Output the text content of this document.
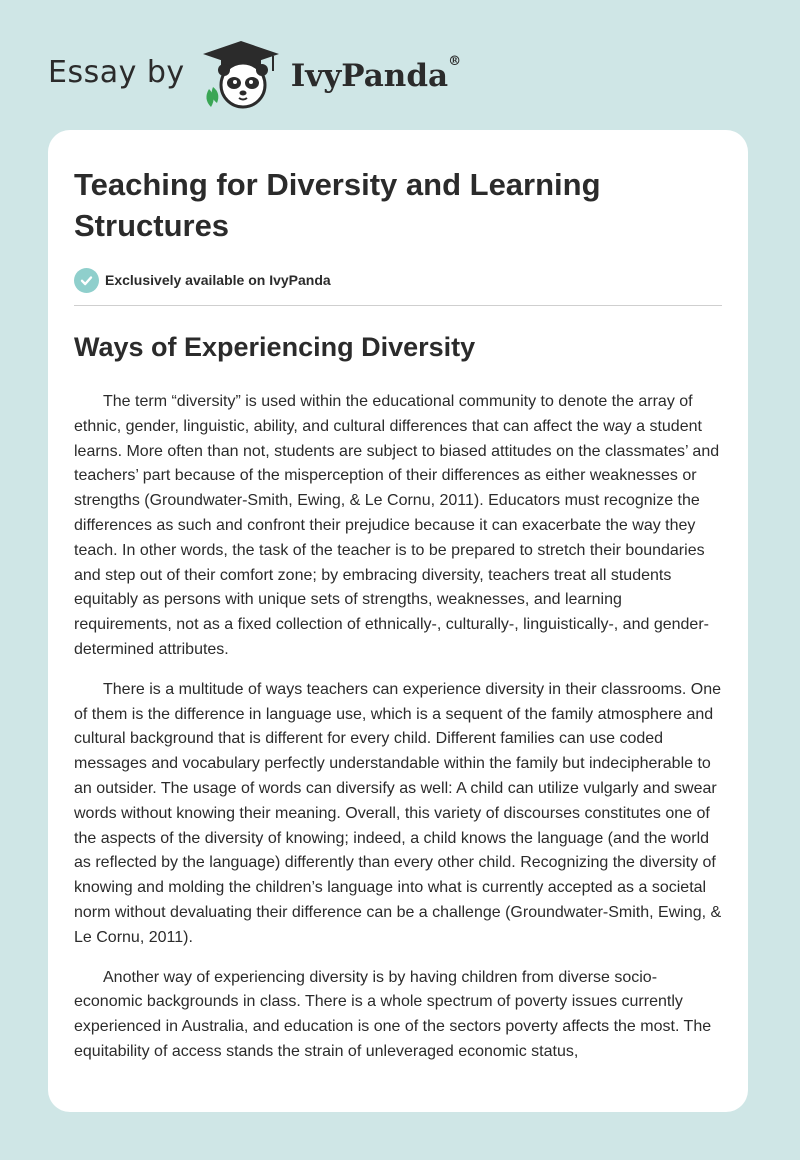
Essay by	IvyPanda®
Teaching for Diversity and Learning Structures
Exclusively available on IvyPanda
Ways of Experiencing Diversity

The term “diversity” is used within the educational community to denote the array of ethnic, gender, linguistic, ability, and cultural differences that can affect the way a student learns. More often than not, students are subject to biased attitudes on the classmates’ and teachers’ part because of the misperception of their differences as either weaknesses or strengths (Groundwater-Smith, Ewing, & Le Cornu, 2011). Educators must recognize the differences as such and confront their prejudice because it can exacerbate the way they teach. In other words, the task of the teacher is to be prepared to stretch their boundaries and step out of their comfort zone; by embracing diversity, teachers treat all students equitably as persons with unique sets of strengths, weaknesses, and learning requirements, not as a fixed collection of ethnically-, culturally-, linguistically-, and gender-determined attributes.

There is a multitude of ways teachers can experience diversity in their classrooms. One of them is the difference in language use, which is a sequent of the family atmosphere and cultural background that is different for every child. Different families can use coded messages and vocabulary perfectly understandable within the family but indecipherable to an outsider. The usage of words can diversify as well: A child can utilize vulgarly and swear words without knowing their meaning. Overall, this variety of discourses constitutes one of the aspects of the diversity of knowing; indeed, a child knows the language (and the world as reflected by the language) differently than every other child. Recognizing the diversity of knowing and molding the children’s language into what is currently accepted as a societal norm without devaluating their difference can be a challenge (Groundwater-Smith, Ewing, & Le Cornu, 2011).

Another way of experiencing diversity is by having children from diverse socio-economic backgrounds in class. There is a whole spectrum of poverty issues currently experienced in Australia, and education is one of the sectors poverty affects the most. The equitability of access stands the strain of unleveraged economic status,
